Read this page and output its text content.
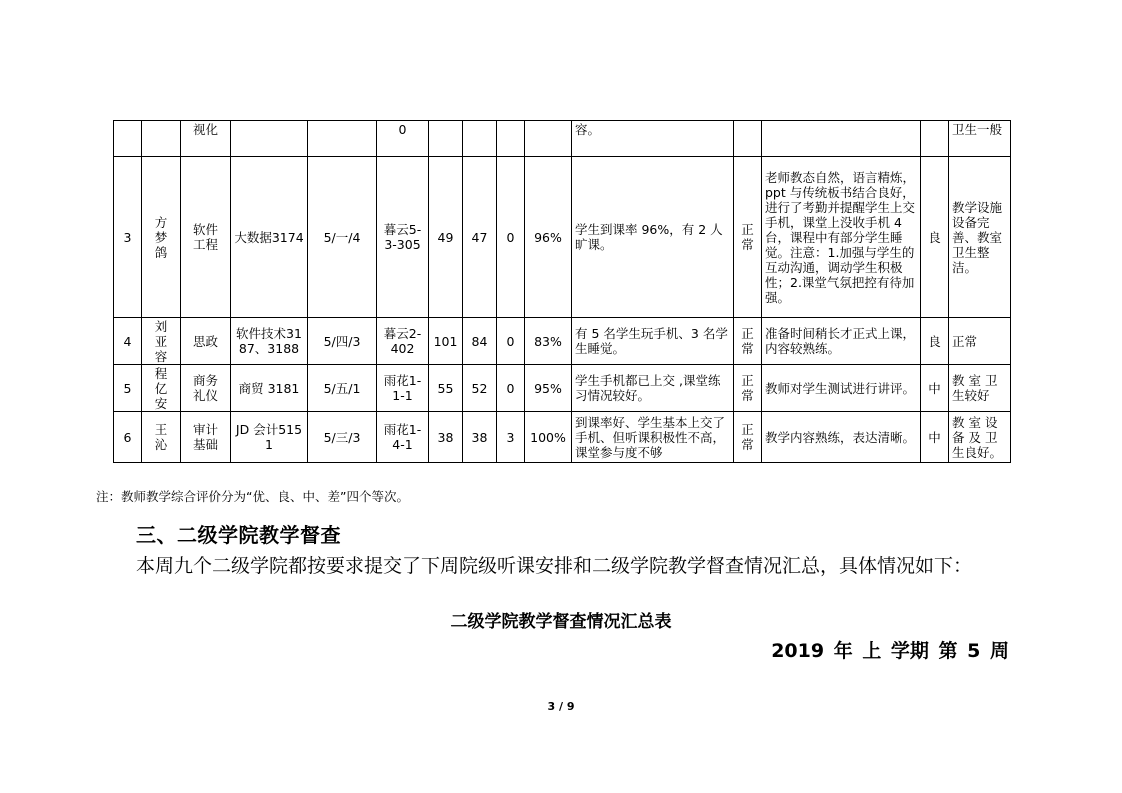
		视化			0					容。				卫生一般
3	方梦鸽	软件工程	大数据3174	5/一/4	暮云5-3-305	49	47	0	96%	学生到课率 96%，有 2 人旷课。	正常	老师教态自然，语言精炼，ppt 与传统板书结合良好，进行了考勤并提醒学生上交手机，课堂上没收手机 4 台，课程中有部分学生睡觉。注意：1.加强与学生的互动沟通，调动学生积极性；2.课堂气氛把控有待加强。	良	教学设施设备完善、教室卫生整洁。
4	刘亚容	思政	软件技术3187、3188	5/四/3	暮云2-402	101	84	0	83%	有 5 名学生玩手机、3 名学生睡觉。	正常	准备时间稍长才正式上课，内容较熟练。	良	正常
5	程亿安	商务礼仪	商贸 3181	5/五/1	雨花1-1-1	55	52	0	95%	学生手机都已上交 ,课堂练习情况较好。	正常	教师对学生测试进行讲评。	中	教 室 卫生较好
6	王沁	审计基础	JD 会计5151	5/三/3	雨花1-4-1	38	38	3	100%	到课率好、学生基本上交了手机、但听课积极性不高，课堂参与度不够	正常	教学内容熟练，表达清晰。	中	教 室 设备 及 卫生良好。
注：教师教学综合评价分为“优、良、中、差”四个等次。
三、二级学院教学督查
本周九个二级学院都按要求提交了下周院级听课安排和二级学院教学督查情况汇总，具体情况如下：
二级学院教学督查情况汇总表
2019 年 上 学期 第 5 周
3 / 9
